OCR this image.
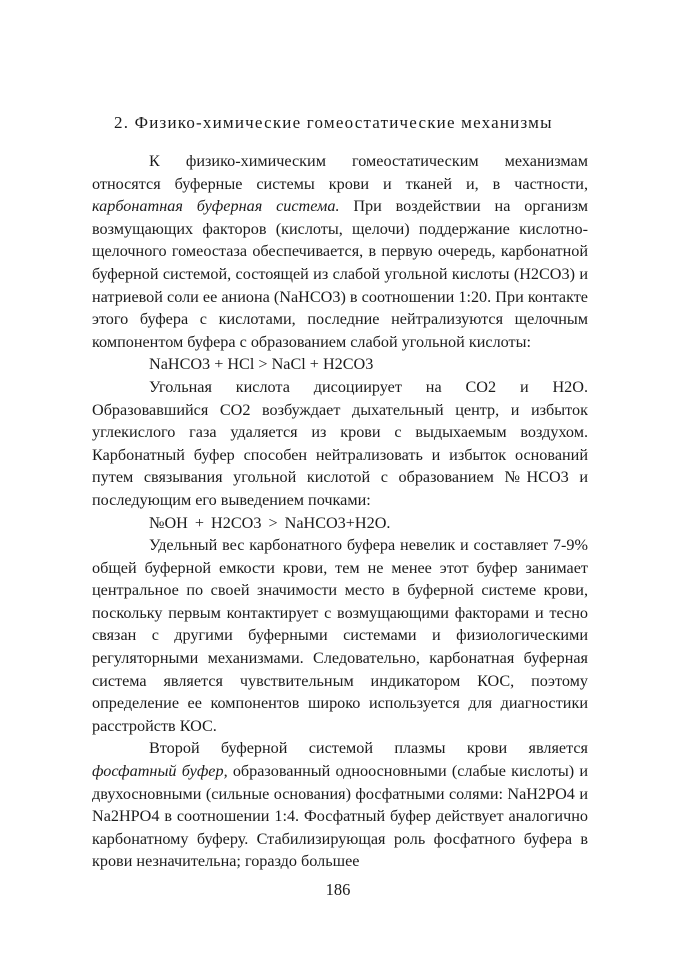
2. Физико-химические гомеостатические механизмы

К физико-химическим гомеостатическим механизмам относятся буферные системы крови и тканей и, в частности, карбонатная буферная система. При воздействии на организм возмущающих факторов (кислоты, щелочи) поддержание кислотно-щелочного гомеостаза обеспечивается, в первую очередь, карбонатной буферной системой, состоящей из слабой угольной кислоты (H2CO3) и натриевой соли ее аниона (NaHCO3) в соотношении 1:20. При контакте этого буфера с кислотами, последние нейтрализуются щелочным компонентом буфера с образованием слабой угольной кислоты:

NaHCO3 + HCl > NaCl + H2CO3

Угольная кислота дисоциирует на CO2 и H2O. Образовавшийся CO2 возбуждает дыхательный центр, и избыток углекислого газа удаляется из крови с выдыхаемым воздухом. Карбонатный буфер способен нейтрализовать и избыток оснований путем связывания угольной кислотой с образованием №HCO3 и последующим его выведением почками:

№OH + H2CO3 > NaHCO3+H2O.

Удельный вес карбонатного буфера невелик и составляет 7-9% общей буферной емкости крови, тем не менее этот буфер занимает центральное по своей значимости место в буферной системе крови, поскольку первым контактирует с возмущающими факторами и тесно связан с другими буферными системами и физиологическими регуляторными механизмами. Следовательно, карбонатная буферная система является чувствительным индикатором КОС, поэтому определение ее компонентов широко используется для диагностики расстройств КОС.

Второй буферной системой плазмы крови является фосфатный буфер, образованный одноосновными (слабые кислоты) и двухосновными (сильные основания) фосфатными солями: NaH2PO4 и Na2HPO4 в соотношении 1:4. Фосфатный буфер действует аналогично карбонатному буферу. Стабилизирующая роль фосфатного буфера в крови незначительна; гораздо большее

186
